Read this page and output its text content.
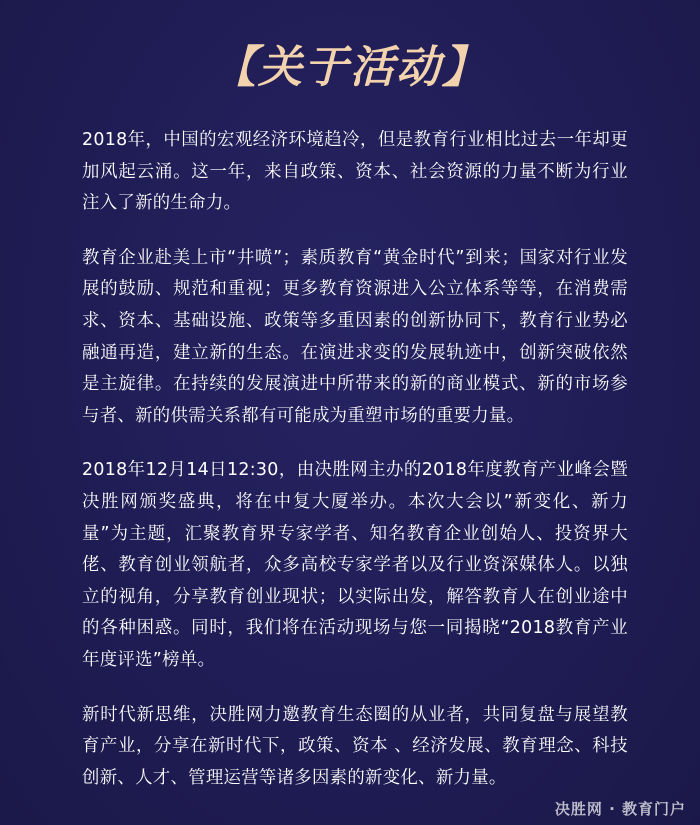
【关于活动】

2018年，中国的宏观经济环境趋冷，但是教育行业相比过去一年却更加风起云涌。这一年，来自政策、资本、社会资源的力量不断为行业注入了新的生命力。

教育企业赴美上市“井喷”；素质教育“黄金时代”到来；国家对行业发展的鼓励、规范和重视；更多教育资源进入公立体系等等，在消费需求、资本、基础设施、政策等多重因素的创新协同下，教育行业势必融通再造，建立新的生态。在演进求变的发展轨迹中，创新突破依然是主旋律。在持续的发展演进中所带来的新的商业模式、新的市场参与者、新的供需关系都有可能成为重塑市场的重要力量。

2018年12月14日12:30，由决胜网主办的2018年度教育产业峰会暨决胜网颁奖盛典，将在中复大厦举办。本次大会以”新变化、新力量”为主题，汇聚教育界专家学者、知名教育企业创始人、投资界大佬、教育创业领航者，众多高校专家学者以及行业资深媒体人。以独立的视角，分享教育创业现状；以实际出发，解答教育人在创业途中的各种困惑。同时，我们将在活动现场与您一同揭晓“2018教育产业年度评选”榜单。

新时代新思维，决胜网力邀教育生态圈的从业者，共同复盘与展望教育产业，分享在新时代下，政策、资本 、经济发展、教育理念、科技创新、人才、管理运营等诸多因素的新变化、新力量。

决胜网 · 教育门户
